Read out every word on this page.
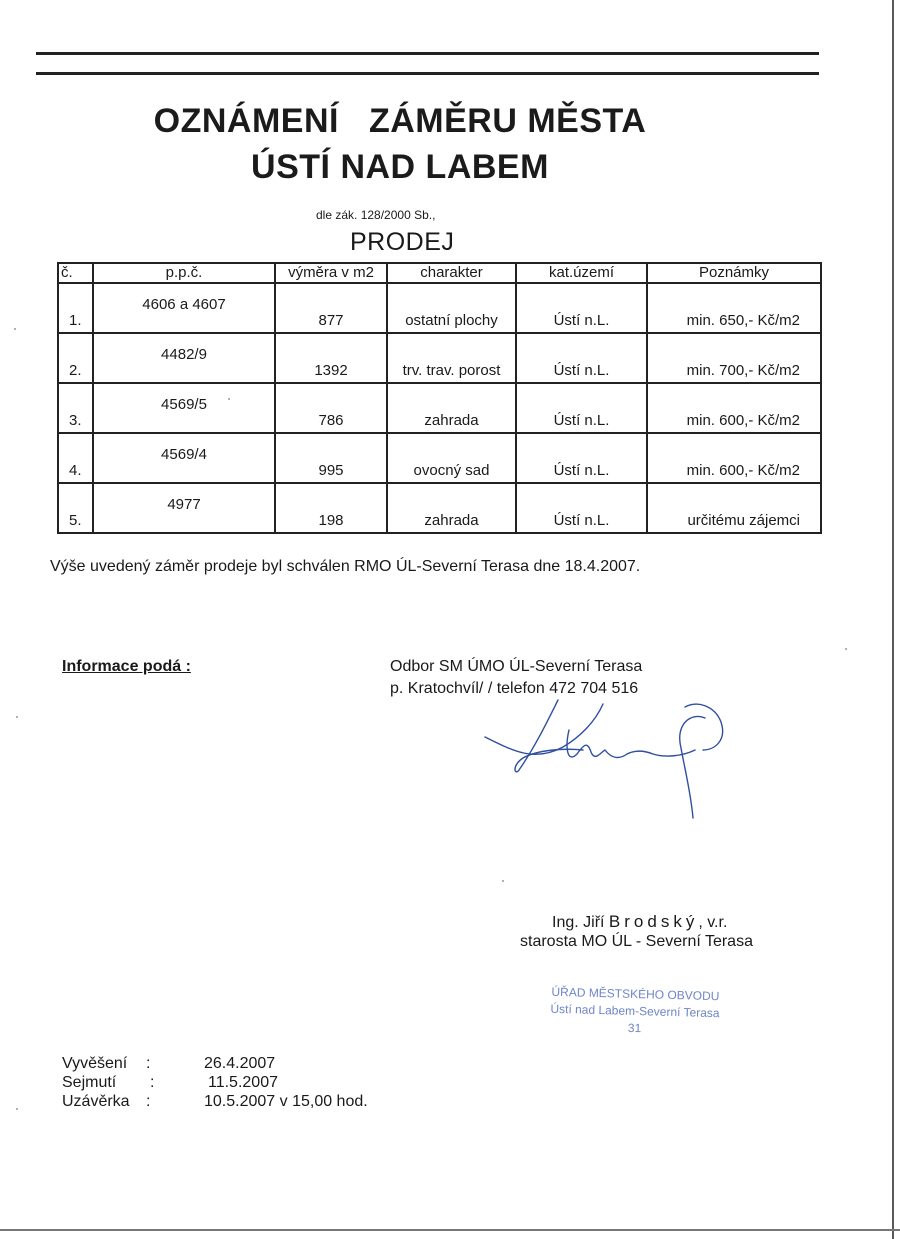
OZNÁMENÍ ZÁMĚRU MĚSTA
ÚSTÍ NAD LABEM
dle zák. 128/2000 Sb.,
PRODEJ
č.	p.p.č.	výměra v m2	charakter	kat.území	Poznámky
1.	4606 a 4607	877	ostatní plochy	Ústí n.L.	min. 650,- Kč/m2
2.	4482/9	1392	trv. trav. porost	Ústí n.L.	min. 700,- Kč/m2
3.	4569/5	786	zahrada	Ústí n.L.	min. 600,- Kč/m2
4.	4569/4	995	ovocný sad	Ústí n.L.	min. 600,- Kč/m2
5.	4977	198	zahrada	Ústí n.L.	určitému zájemci
Výše uvedený záměr prodeje byl schválen RMO ÚL-Severní Terasa dne 18.4.2007.
Informace podá :	Odbor SM ÚMO ÚL-Severní Terasa
p. Kratochvíl/ / telefon 472 704 516
Ing. Jiří Brodský, v.r.
starosta MO ÚL - Severní Terasa
ÚŘAD MĚSTSKÉHO OBVODU
Ústí nad Labem-Severní Terasa
31
Vyvěšení	:	26.4.2007
Sejmutí	:	11.5.2007
Uzávěrka	:	10.5.2007 v 15,00 hod.
